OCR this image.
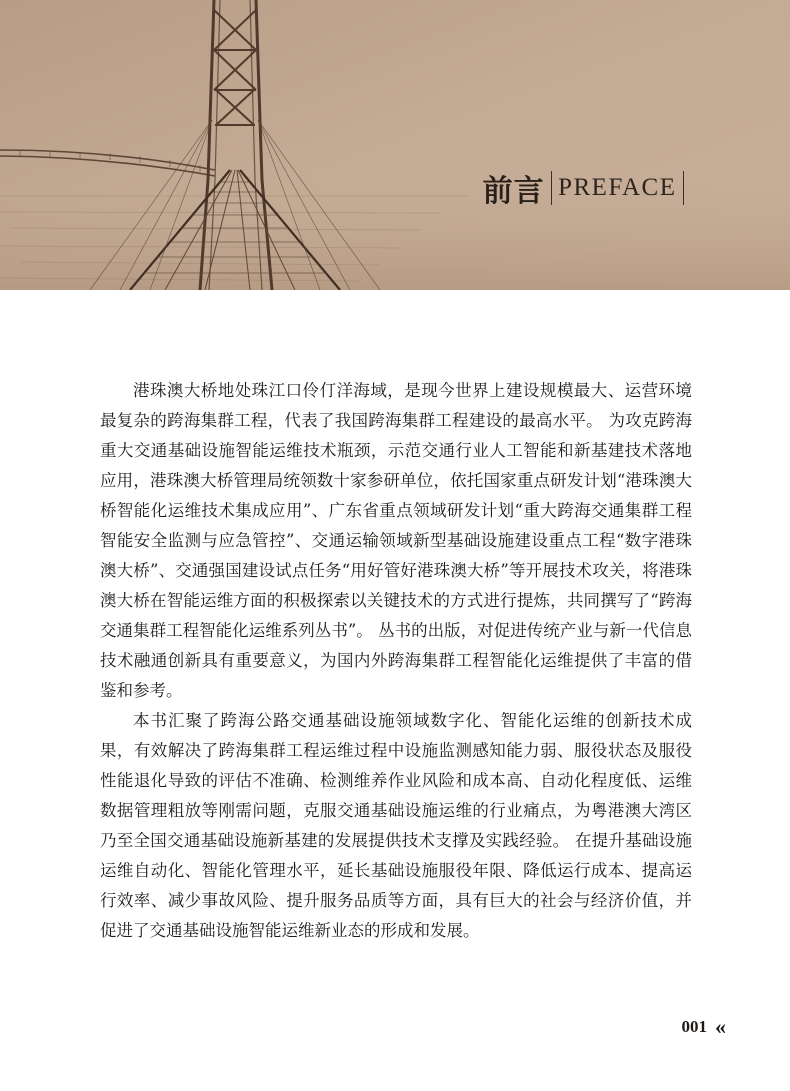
前言 PREFACE

港珠澳大桥地处珠江口伶仃洋海域，是现今世界上建设规模最大、运营环境最复杂的跨海集群工程，代表了我国跨海集群工程建设的最高水平。 为攻克跨海重大交通基础设施智能运维技术瓶颈，示范交通行业人工智能和新基建技术落地应用，港珠澳大桥管理局统领数十家参研单位，依托国家重点研发计划“港珠澳大桥智能化运维技术集成应用”、广东省重点领域研发计划“重大跨海交通集群工程智能安全监测与应急管控”、交通运输领域新型基础设施建设重点工程“数字港珠澳大桥”、交通强国建设试点任务“用好管好港珠澳大桥”等开展技术攻关，将港珠澳大桥在智能运维方面的积极探索以关键技术的方式进行提炼，共同撰写了“跨海交通集群工程智能化运维系列丛书”。 丛书的出版，对促进传统产业与新一代信息技术融通创新具有重要意义，为国内外跨海集群工程智能化运维提供了丰富的借鉴和参考。

本书汇聚了跨海公路交通基础设施领域数字化、智能化运维的创新技术成果，有效解决了跨海集群工程运维过程中设施监测感知能力弱、服役状态及服役性能退化导致的评估不准确、检测维养作业风险和成本高、自动化程度低、运维数据管理粗放等刚需问题，克服交通基础设施运维的行业痛点，为粤港澳大湾区乃至全国交通基础设施新基建的发展提供技术支撑及实践经验。 在提升基础设施运维自动化、智能化管理水平，延长基础设施服役年限、降低运行成本、提高运行效率、减少事故风险、提升服务品质等方面，具有巨大的社会与经济价值，并促进了交通基础设施智能运维新业态的形成和发展。

001 «
